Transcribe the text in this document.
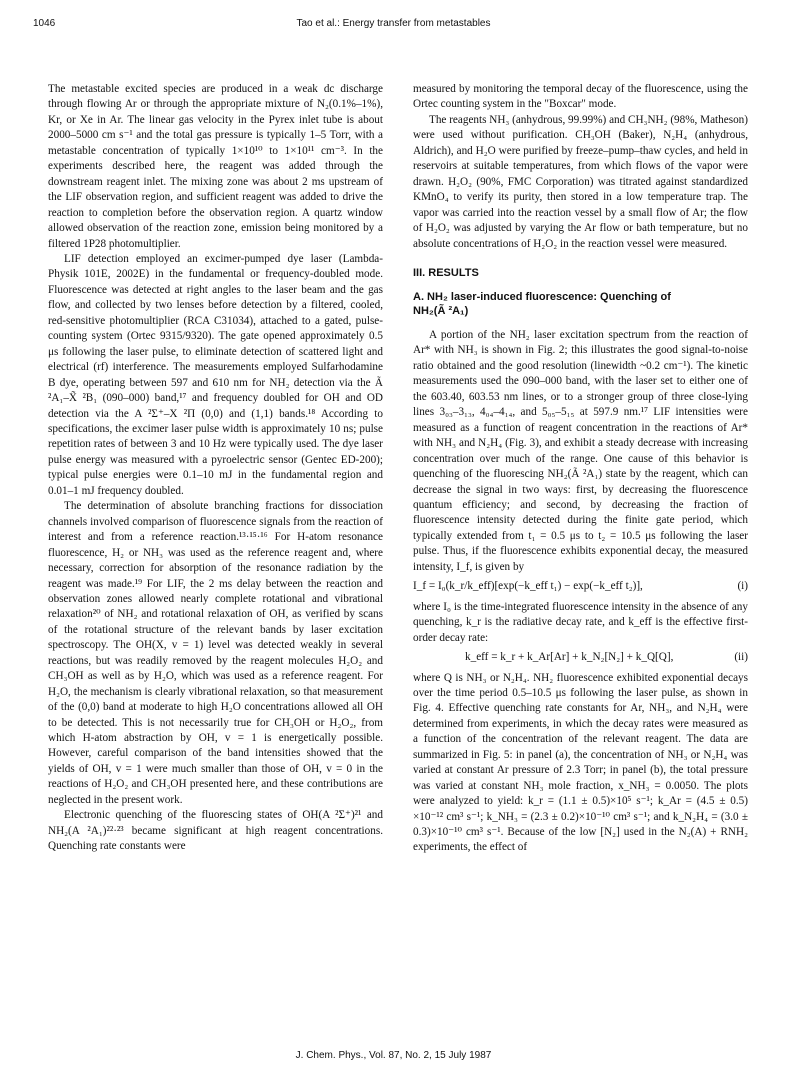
1046	Tao et al.: Energy transfer from metastables

The metastable excited species are produced in a weak dc discharge through flowing Ar or through the appropriate mixture of N₂(0.1%–1%), Kr, or Xe in Ar. The linear gas velocity in the Pyrex inlet tube is about 2000–5000 cm s⁻¹ and the total gas pressure is typically 1–5 Torr, with a metastable concentration of typically 1×10¹⁰ to 1×10¹¹ cm⁻³. In the experiments described here, the reagent was added through the downstream reagent inlet. The mixing zone was about 2 ms upstream of the LIF observation region, and sufficient reagent was added to drive the reaction to completion before the observation region. A quartz window allowed observation of the reaction zone, emission being monitored by a filtered 1P28 photomultiplier.

LIF detection employed an excimer-pumped dye laser (Lambda-Physik 101E, 2002E) in the fundamental or frequency-doubled mode. Fluorescence was detected at right angles to the laser beam and the gas flow, and collected by two lenses before detection by a filtered, cooled, red-sensitive photomultiplier (RCA C31034), attached to a gated, pulse-counting system (Ortec 9315/9320). The gate opened approximately 0.5 μs following the laser pulse, to eliminate detection of scattered light and electrical (rf) interference. The measurements employed Sulfarhodamine B dye, operating between 597 and 610 nm for NH₂ detection via the Ã ²A₁–X̃ ²B₁ (090–000) band,¹⁷ and frequency doubled for OH and OD detection via the A ²Σ⁺–X ²Π (0,0) and (1,1) bands.¹⁸ According to specifications, the excimer laser pulse width is approximately 10 ns; pulse repetition rates of between 3 and 10 Hz were typically used. The dye laser pulse energy was measured with a pyroelectric sensor (Gentec ED-200); typical pulse energies were 0.1–10 mJ in the fundamental region and 0.01–1 mJ frequency doubled.

The determination of absolute branching fractions for dissociation channels involved comparison of fluorescence signals from the reaction of interest and from a reference reaction.¹³·¹⁵·¹⁶ For H-atom resonance fluorescence, H₂ or NH₃ was used as the reference reagent and, where necessary, correction for absorption of the resonance radiation by the reagent was made.¹⁹ For LIF, the 2 ms delay between the reaction and observation zones allowed nearly complete rotational and vibrational relaxation²⁰ of NH₂ and rotational relaxation of OH, as verified by scans of the rotational structure of the relevant bands by laser excitation spectroscopy. The OH(X, v = 1) level was detected weakly in several reactions, but was readily removed by the reagent molecules H₂O₂ and CH₃OH as well as by H₂O, which was used as a reference reagent. For H₂O, the mechanism is clearly vibrational relaxation, so that measurement of the (0,0) band at moderate to high H₂O concentrations allowed all OH to be detected. This is not necessarily true for CH₃OH or H₂O₂, from which H-atom abstraction by OH, v = 1 is energetically possible. However, careful comparison of the band intensities showed that the yields of OH, v = 1 were much smaller than those of OH, v = 0 in the reactions of H₂O₂ and CH₃OH presented here, and these contributions are neglected in the present work.

Electronic quenching of the fluorescing states of OH(A ²Σ⁺)²¹ and NH₂(A ²A₁)²²·²³ became significant at high reagent concentrations. Quenching rate constants were

measured by monitoring the temporal decay of the fluorescence, using the Ortec counting system in the "Boxcar" mode.

The reagents NH₃ (anhydrous, 99.99%) and CH₃NH₂ (98%, Matheson) were used without purification. CH₃OH (Baker), N₂H₄ (anhydrous, Aldrich), and H₂O were purified by freeze–pump–thaw cycles, and held in reservoirs at suitable temperatures, from which flows of the vapor were drawn. H₂O₂ (90%, FMC Corporation) was titrated against standardized KMnO₄ to verify its purity, then stored in a low temperature trap. The vapor was carried into the reaction vessel by a small flow of Ar; the flow of H₂O₂ was adjusted by varying the Ar flow or bath temperature, but no absolute concentrations of H₂O₂ in the reaction vessel were measured.

III. RESULTS
A. NH₂ laser-induced fluorescence: Quenching of
NH₂(Ã ²A₁)

A portion of the NH₂ laser excitation spectrum from the reaction of Ar* with NH₃ is shown in Fig. 2; this illustrates the good signal-to-noise ratio obtained and the good resolution (linewidth ~0.2 cm⁻¹). The kinetic measurements used the 090–000 band, with the laser set to either one of the 603.40, 603.53 nm lines, or to a stronger group of three close-lying lines 3₀₃–3₁₃, 4₀₄–4₁₄, and 5₀₅–5₁₅ at 597.9 nm.¹⁷ LIF intensities were measured as a function of reagent concentration in the reactions of Ar* with NH₃ and N₂H₄ (Fig. 3), and exhibit a steady decrease with increasing concentration over much of the range. One cause of this behavior is quenching of the fluorescing NH₂(Ã ²A₁) state by the reagent, which can decrease the signal in two ways: first, by decreasing the fluorescence quantum efficiency; and second, by decreasing the fraction of fluorescence intensity detected during the finite gate period, which typically extended from t₁ = 0.5 μs to t₂ = 10.5 μs following the laser pulse. Thus, if the fluorescence exhibits exponential decay, the measured intensity, I_f, is given by

I_f = I₀(k_r/k_eff)[exp(−k_eff t₁) − exp(−k_eff t₂)],	(i)

where I₀ is the time-integrated fluorescence intensity in the absence of any quenching, k_r is the radiative decay rate, and k_eff is the effective first-order decay rate:

k_eff = k_r + k_Ar[Ar] + k_N₂[N₂] + k_Q[Q],	(ii)

where Q is NH₃ or N₂H₄. NH₂ fluorescence exhibited exponential decays over the time period 0.5–10.5 μs following the laser pulse, as shown in Fig. 4. Effective quenching rate constants for Ar, NH₃, and N₂H₄ were determined from experiments, in which the decay rates were measured as a function of the concentration of the relevant reagent. The data are summarized in Fig. 5: in panel (a), the concentration of NH₃ or N₂H₄ was varied at constant Ar pressure of 2.3 Torr; in panel (b), the total pressure was varied at constant NH₃ mole fraction, x_NH₃ = 0.0050. The plots were analyzed to yield: k_r = (1.1 ± 0.5)×10⁵ s⁻¹; k_Ar = (4.5 ± 0.5) ×10⁻¹² cm³ s⁻¹; k_NH₃ = (2.3 ± 0.2)×10⁻¹⁰ cm³ s⁻¹; and k_N₂H₄ = (3.0 ± 0.3)×10⁻¹⁰ cm³ s⁻¹. Because of the low [N₂] used in the N₂(A) + RNH₂ experiments, the effect of

J. Chem. Phys., Vol. 87, No. 2, 15 July 1987
